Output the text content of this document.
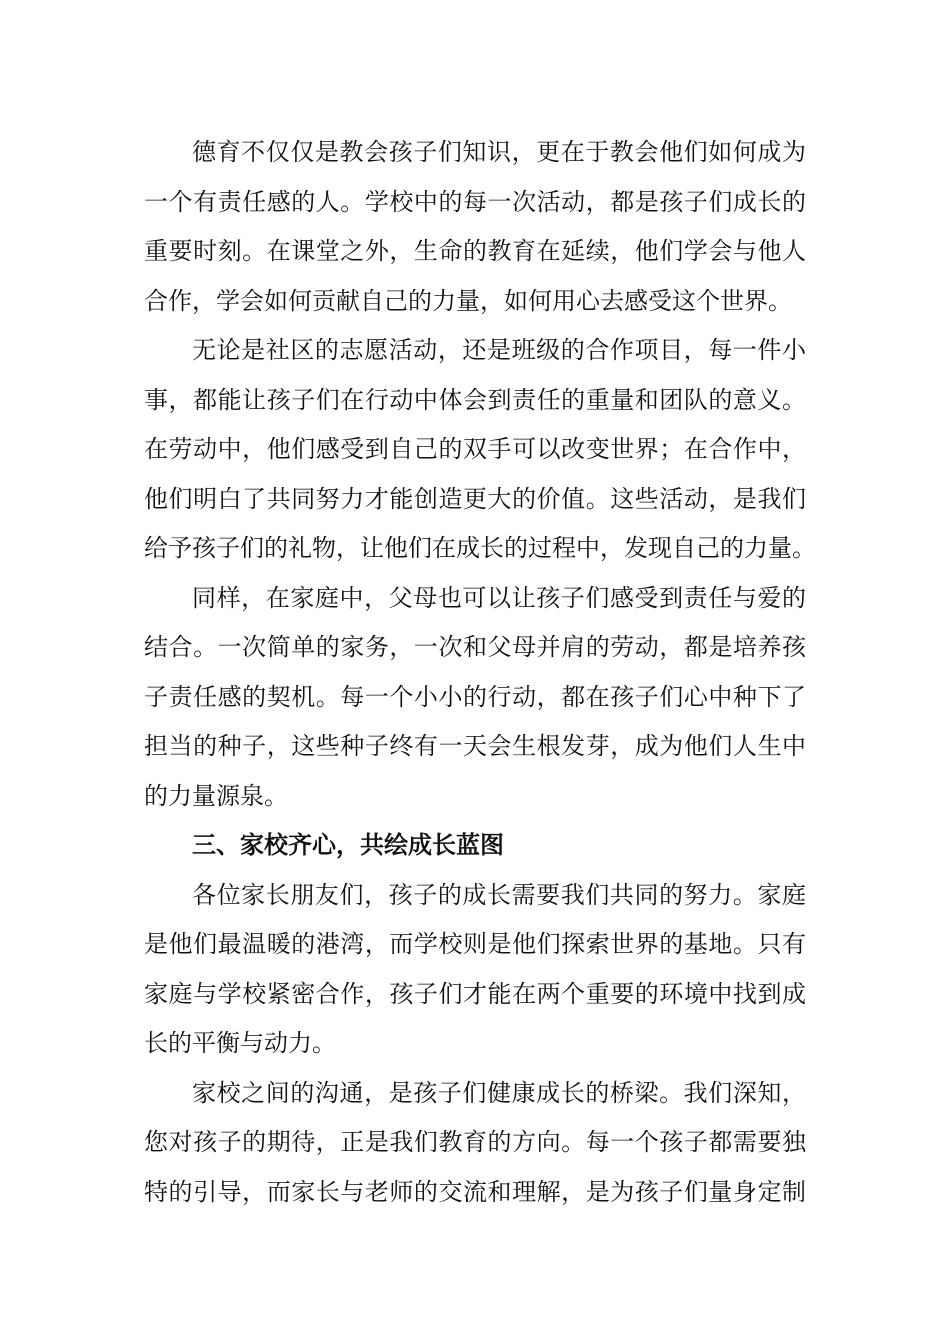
德育不仅仅是教会孩子们知识，更在于教会他们如何成为
一个有责任感的人。学校中的每一次活动，都是孩子们成长的
重要时刻。在课堂之外，生命的教育在延续，他们学会与他人
合作，学会如何贡献自己的力量，如何用心去感受这个世界。
无论是社区的志愿活动，还是班级的合作项目，每一件小
事，都能让孩子们在行动中体会到责任的重量和团队的意义。
在劳动中，他们感受到自己的双手可以改变世界；在合作中，
他们明白了共同努力才能创造更大的价值。这些活动，是我们
给予孩子们的礼物，让他们在成长的过程中，发现自己的力量。
同样，在家庭中，父母也可以让孩子们感受到责任与爱的
结合。一次简单的家务，一次和父母并肩的劳动，都是培养孩
子责任感的契机。每一个小小的行动，都在孩子们心中种下了
担当的种子，这些种子终有一天会生根发芽，成为他们人生中
的力量源泉。
三、家校齐心，共绘成长蓝图
各位家长朋友们，孩子的成长需要我们共同的努力。家庭
是他们最温暖的港湾，而学校则是他们探索世界的基地。只有
家庭与学校紧密合作，孩子们才能在两个重要的环境中找到成
长的平衡与动力。
家校之间的沟通，是孩子们健康成长的桥梁。我们深知，
您对孩子的期待，正是我们教育的方向。每一个孩子都需要独
特的引导，而家长与老师的交流和理解，是为孩子们量身定制
